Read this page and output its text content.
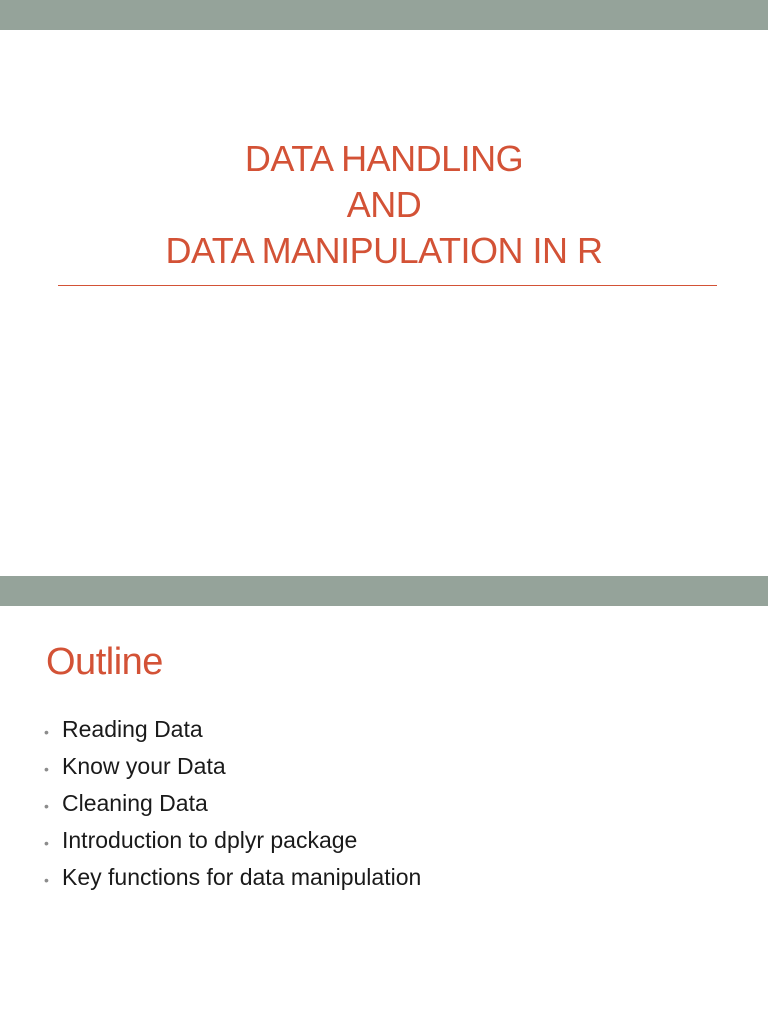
DATA HANDLING
AND
DATA MANIPULATION IN R
Outline
• Reading Data
• Know your Data
• Cleaning Data
• Introduction to dplyr package
• Key functions for data manipulation
